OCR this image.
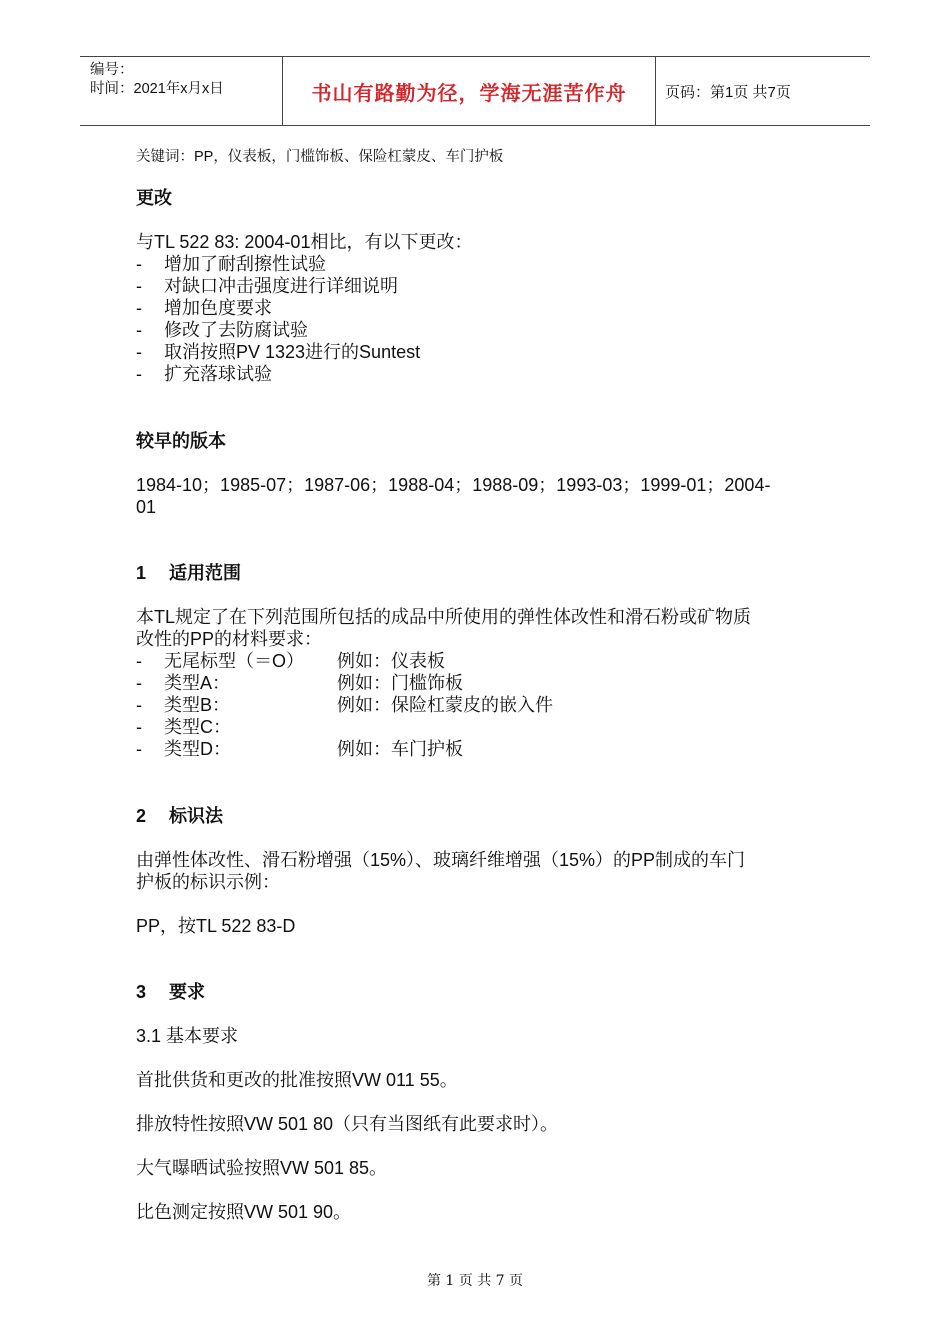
编号：
时间：2021年x月x日	书山有路勤为径，学海无涯苦作舟	页码：第1页 共7页
关键词：PP，仪表板，门槛饰板、保险杠蒙皮、车门护板
更改
与TL 522 83: 2004-01相比，有以下更改：
- 增加了耐刮擦性试验
- 对缺口冲击强度进行详细说明
- 增加色度要求
- 修改了去防腐试验
- 取消按照PV 1323进行的Suntest
- 扩充落球试验
较早的版本
1984-10；1985-07；1987-06；1988-04；1988-09；1993-03；1999-01；2004-
01
1 适用范围
本TL规定了在下列范围所包括的成品中所使用的弹性体改性和滑石粉或矿物质
改性的PP的材料要求：
- 无尾标型（＝O） 例如：仪表板
- 类型A：	例如：门槛饰板
- 类型B：	例如：保险杠蒙皮的嵌入件
- 类型C：
- 类型D：	例如：车门护板
2 标识法
由弹性体改性、滑石粉增强（15%）、玻璃纤维增强（15%）的PP制成的车门
护板的标识示例：
PP，按TL 522 83-D
3 要求
3.1 基本要求
首批供货和更改的批准按照VW 011 55。
排放特性按照VW 501 80（只有当图纸有此要求时）。
大气曝晒试验按照VW 501 85。
比色测定按照VW 501 90。
第 1 页 共 7 页
